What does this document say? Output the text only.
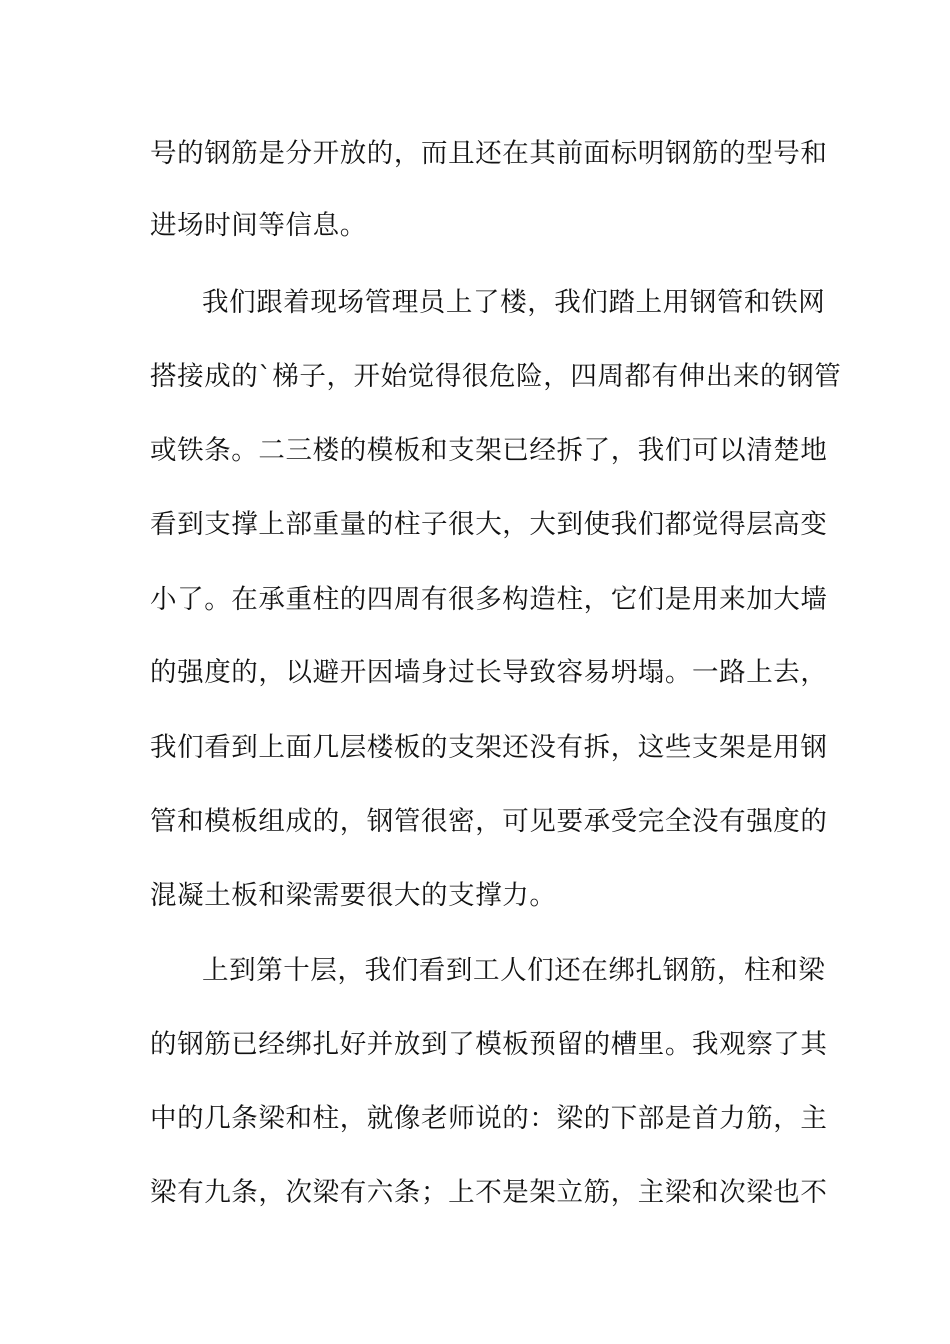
号的钢筋是分开放的，而且还在其前面标明钢筋的型号和
进场时间等信息。
我们跟着现场管理员上了楼，我们踏上用钢管和铁网
搭接成的`梯子，开始觉得很危险，四周都有伸出来的钢管
或铁条。二三楼的模板和支架已经拆了，我们可以清楚地
看到支撑上部重量的柱子很大，大到使我们都觉得层高变
小了。在承重柱的四周有很多构造柱，它们是用来加大墙
的强度的，以避开因墙身过长导致容易坍塌。一路上去，
我们看到上面几层楼板的支架还没有拆，这些支架是用钢
管和模板组成的，钢管很密，可见要承受完全没有强度的
混凝土板和梁需要很大的支撑力。
上到第十层，我们看到工人们还在绑扎钢筋，柱和梁
的钢筋已经绑扎好并放到了模板预留的槽里。我观察了其
中的几条梁和柱，就像老师说的：梁的下部是首力筋，主
梁有九条，次梁有六条；上不是架立筋，主梁和次梁也不
